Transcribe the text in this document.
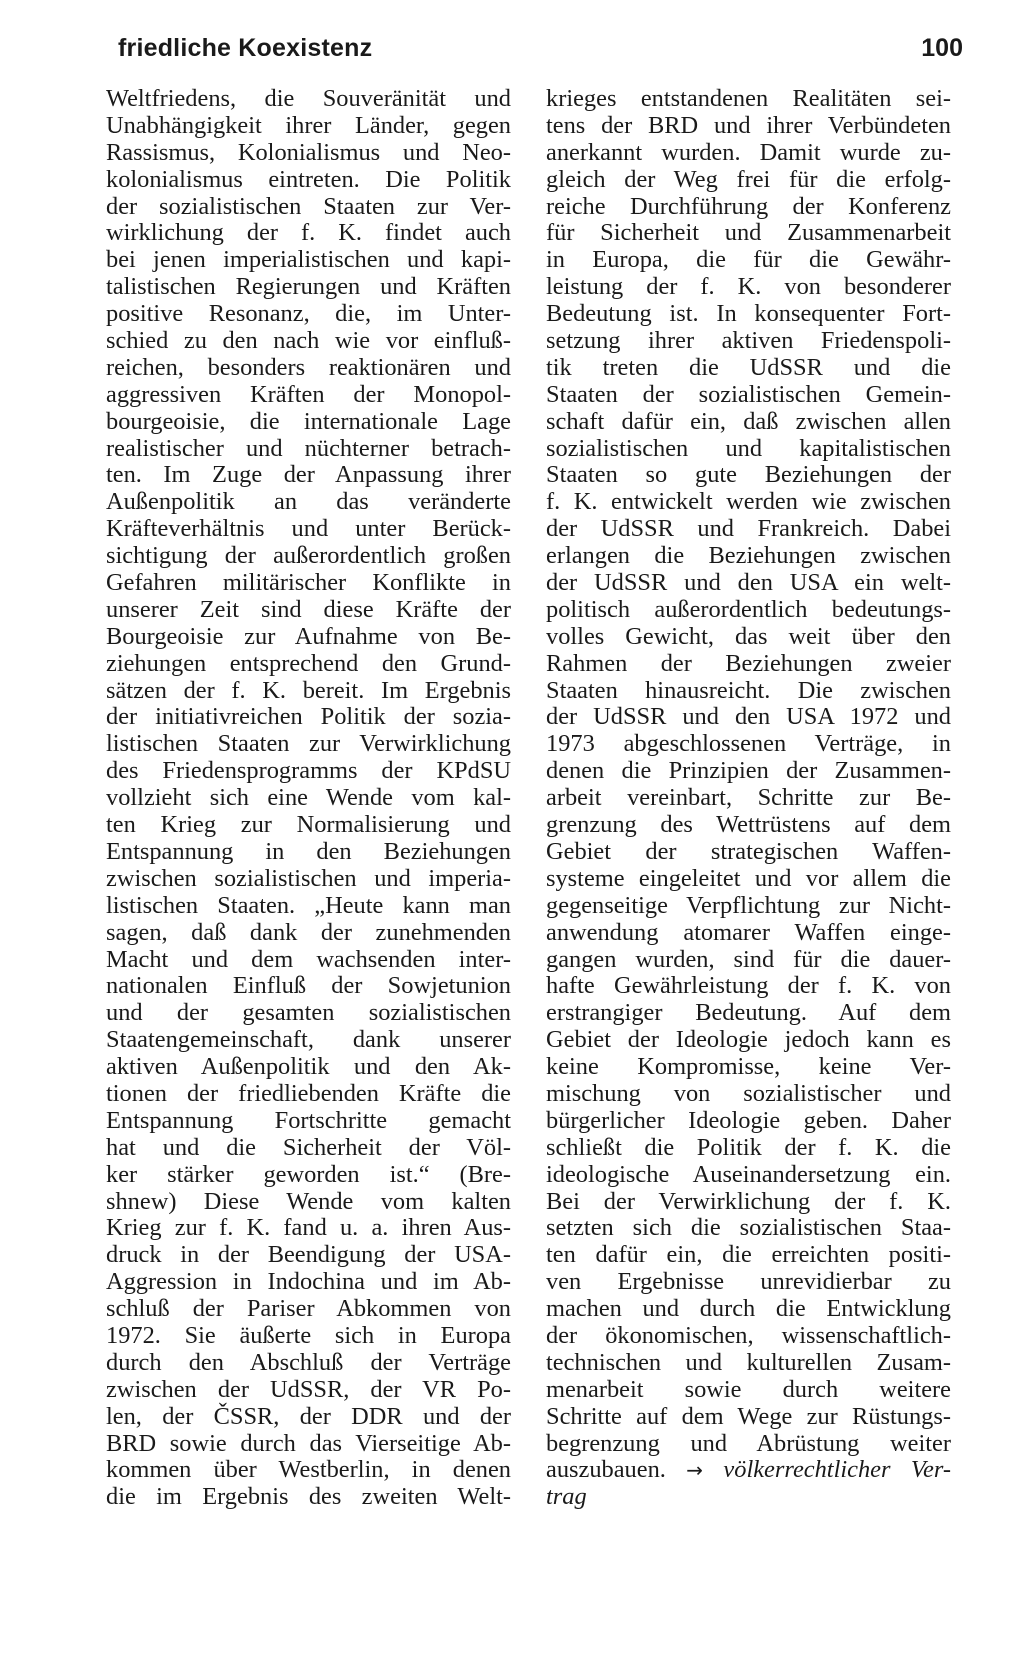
friedliche Koexistenz	100
Weltfriedens, die Souveränität und
Unabhängigkeit ihrer Länder, gegen
Rassismus, Kolonialismus und Neo-
kolonialismus eintreten. Die Politik
der sozialistischen Staaten zur Ver-
wirklichung der f. K. findet auch
bei jenen imperialistischen und kapi-
talistischen Regierungen und Kräften
positive Resonanz, die, im Unter-
schied zu den nach wie vor einfluß-
reichen, besonders reaktionären und
aggressiven Kräften der Monopol-
bourgeoisie, die internationale Lage
realistischer und nüchterner betrach-
ten. Im Zuge der Anpassung ihrer
Außenpolitik an das veränderte
Kräfteverhältnis und unter Berück-
sichtigung der außerordentlich großen
Gefahren militärischer Konflikte in
unserer Zeit sind diese Kräfte der
Bourgeoisie zur Aufnahme von Be-
ziehungen entsprechend den Grund-
sätzen der f. K. bereit. Im Ergebnis
der initiativreichen Politik der sozia-
listischen Staaten zur Verwirklichung
des Friedensprogramms der KPdSU
vollzieht sich eine Wende vom kal-
ten Krieg zur Normalisierung und
Entspannung in den Beziehungen
zwischen sozialistischen und imperia-
listischen Staaten. „Heute kann man
sagen, daß dank der zunehmenden
Macht und dem wachsenden inter-
nationalen Einfluß der Sowjetunion
und der gesamten sozialistischen
Staatengemeinschaft, dank unserer
aktiven Außenpolitik und den Ak-
tionen der friedliebenden Kräfte die
Entspannung Fortschritte gemacht
hat und die Sicherheit der Völ-
ker stärker geworden ist.“ (Bre-
shnew) Diese Wende vom kalten
Krieg zur f. K. fand u. a. ihren Aus-
druck in der Beendigung der USA-
Aggression in Indochina und im Ab-
schluß der Pariser Abkommen von
1972. Sie äußerte sich in Europa
durch den Abschluß der Verträge
zwischen der UdSSR, der VR Po-
len, der ČSSR, der DDR und der
BRD sowie durch das Vierseitige Ab-
kommen über Westberlin, in denen
die im Ergebnis des zweiten Welt-
krieges entstandenen Realitäten sei-
tens der BRD und ihrer Verbündeten
anerkannt wurden. Damit wurde zu-
gleich der Weg frei für die erfolg-
reiche Durchführung der Konferenz
für Sicherheit und Zusammenarbeit
in Europa, die für die Gewähr-
leistung der f. K. von besonderer
Bedeutung ist. In konsequenter Fort-
setzung ihrer aktiven Friedenspoli-
tik treten die UdSSR und die
Staaten der sozialistischen Gemein-
schaft dafür ein, daß zwischen allen
sozialistischen und kapitalistischen
Staaten so gute Beziehungen der
f. K. entwickelt werden wie zwischen
der UdSSR und Frankreich. Dabei
erlangen die Beziehungen zwischen
der UdSSR und den USA ein welt-
politisch außerordentlich bedeutungs-
volles Gewicht, das weit über den
Rahmen der Beziehungen zweier
Staaten hinausreicht. Die zwischen
der UdSSR und den USA 1972 und
1973 abgeschlossenen Verträge, in
denen die Prinzipien der Zusammen-
arbeit vereinbart, Schritte zur Be-
grenzung des Wettrüstens auf dem
Gebiet der strategischen Waffen-
systeme eingeleitet und vor allem die
gegenseitige Verpflichtung zur Nicht-
anwendung atomarer Waffen einge-
gangen wurden, sind für die dauer-
hafte Gewährleistung der f. K. von
erstrangiger Bedeutung. Auf dem
Gebiet der Ideologie jedoch kann es
keine Kompromisse, keine Ver-
mischung von sozialistischer und
bürgerlicher Ideologie geben. Daher
schließt die Politik der f. K. die
ideologische Auseinandersetzung ein.
Bei der Verwirklichung der f. K.
setzten sich die sozialistischen Staa-
ten dafür ein, die erreichten positi-
ven Ergebnisse unrevidierbar zu
machen und durch die Entwicklung
der ökonomischen, wissenschaftlich-
technischen und kulturellen Zusam-
menarbeit sowie durch weitere
Schritte auf dem Wege zur Rüstungs-
begrenzung und Abrüstung weiter
auszubauen. → völkerrechtlicher Ver-
trag
